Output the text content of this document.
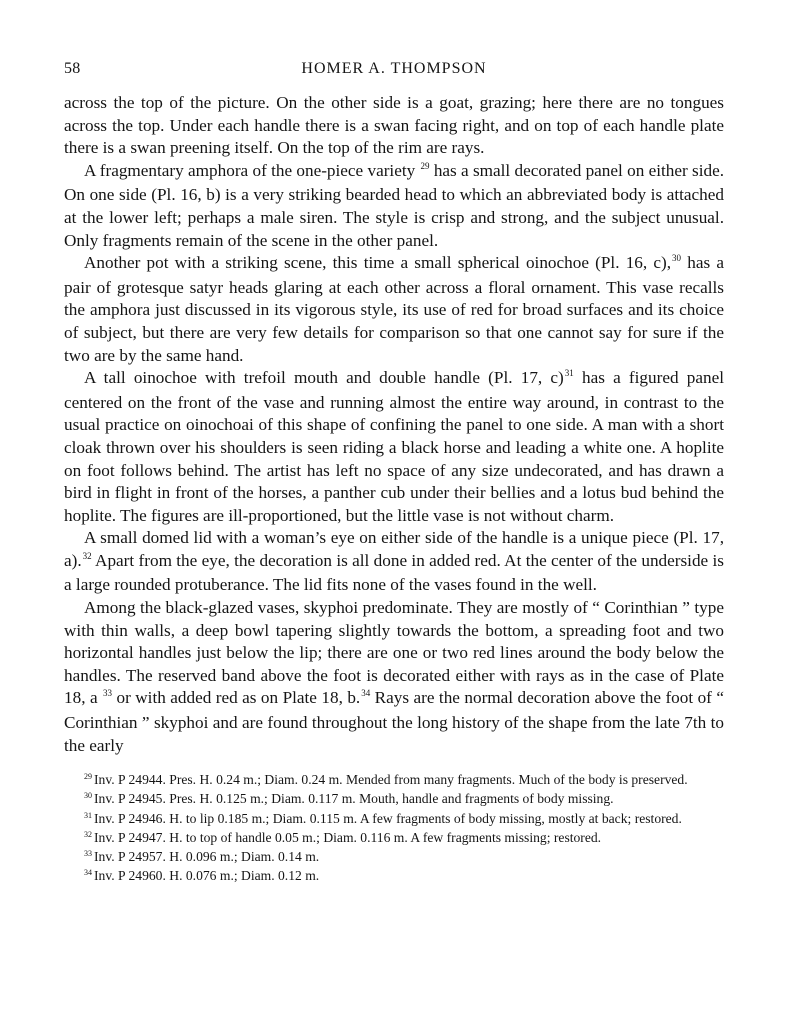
58	HOMER A. THOMPSON

across the top of the picture. On the other side is a goat, grazing; here there are no tongues across the top. Under each handle there is a swan facing right, and on top of each handle plate there is a swan preening itself. On the top of the rim are rays.

A fragmentary amphora of the one-piece variety $^{29}$ has a small decorated panel on either side. On one side (Pl. 16, b) is a very striking bearded head to which an abbreviated body is attached at the lower left; perhaps a male siren. The style is crisp and strong, and the subject unusual. Only fragments remain of the scene in the other panel.

Another pot with a striking scene, this time a small spherical oinochoe (Pl. 16, c),$^{30}$ has a pair of grotesque satyr heads glaring at each other across a floral ornament. This vase recalls the amphora just discussed in its vigorous style, its use of red for broad surfaces and its choice of subject, but there are very few details for comparison so that one cannot say for sure if the two are by the same hand.

A tall oinochoe with trefoil mouth and double handle (Pl. 17, c)$^{31}$ has a figured panel centered on the front of the vase and running almost the entire way around, in contrast to the usual practice on oinochoai of this shape of confining the panel to one side. A man with a short cloak thrown over his shoulders is seen riding a black horse and leading a white one. A hoplite on foot follows behind. The artist has left no space of any size undecorated, and has drawn a bird in flight in front of the horses, a panther cub under their bellies and a lotus bud behind the hoplite. The figures are ill-proportioned, but the little vase is not without charm.

A small domed lid with a woman’s eye on either side of the handle is a unique piece (Pl. 17, a).$^{32}$ Apart from the eye, the decoration is all done in added red. At the center of the underside is a large rounded protuberance. The lid fits none of the vases found in the well.

Among the black-glazed vases, skyphoi predominate. They are mostly of “ Corinthian ” type with thin walls, a deep bowl tapering slightly towards the bottom, a spreading foot and two horizontal handles just below the lip; there are one or two red lines around the body below the handles. The reserved band above the foot is decorated either with rays as in the case of Plate 18, a $^{33}$ or with added red as on Plate 18, b.$^{34}$ Rays are the normal decoration above the foot of “ Corinthian ” skyphoi and are found throughout the long history of the shape from the late 7th to the early

$^{29}$ Inv. P 24944. Pres. H. 0.24 m.; Diam. 0.24 m. Mended from many fragments. Much of the body is preserved.

$^{30}$ Inv. P 24945. Pres. H. 0.125 m.; Diam. 0.117 m. Mouth, handle and fragments of body missing.

$^{31}$ Inv. P 24946. H. to lip 0.185 m.; Diam. 0.115 m. A few fragments of body missing, mostly at back; restored.

$^{32}$ Inv. P 24947. H. to top of handle 0.05 m.; Diam. 0.116 m. A few fragments missing; restored.

$^{33}$ Inv. P 24957. H. 0.096 m.; Diam. 0.14 m.

$^{34}$ Inv. P 24960. H. 0.076 m.; Diam. 0.12 m.
